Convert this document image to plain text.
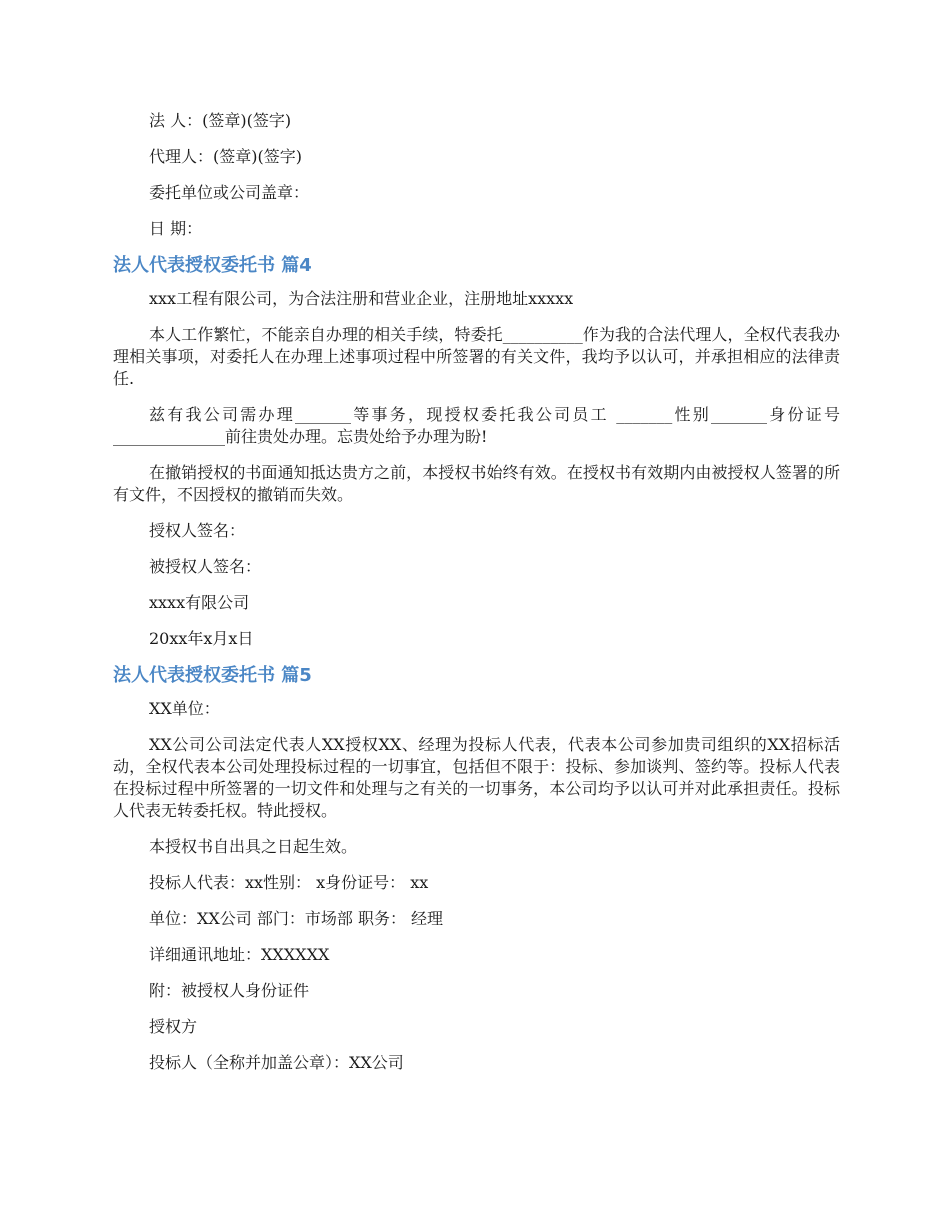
法 人：(签章)(签字)

代理人：(签章)(签字)

委托单位或公司盖章：

日 期：

法人代表授权委托书 篇4

xxx工程有限公司，为合法注册和营业企业，注册地址xxxxx

本人工作繁忙，不能亲自办理的相关手续，特委托__________作为我的合法代理人，全权代表我办理相关事项，对委托人在办理上述事项过程中所签署的有关文件，我均予以认可，并承担相应的法律责任.

兹有我公司需办理_______等事务，现授权委托我公司员工 _______性别_______身份证号______________前往贵处办理。忘贵处给予办理为盼!

在撤销授权的书面通知抵达贵方之前，本授权书始终有效。在授权书有效期内由被授权人签署的所有文件，不因授权的撤销而失效。

授权人签名：

被授权人签名：

xxxx有限公司

20xx年x月x日

法人代表授权委托书 篇5

XX单位：

XX公司公司法定代表人XX授权XX、经理为投标人代表，代表本公司参加贵司组织的XX招标活动，全权代表本公司处理投标过程的一切事宜，包括但不限于：投标、参加谈判、签约等。投标人代表在投标过程中所签署的一切文件和处理与之有关的一切事务，本公司均予以认可并对此承担责任。投标人代表无转委托权。特此授权。

本授权书自出具之日起生效。

投标人代表：xx性别： x身份证号： xx

单位：XX公司 部门：市场部 职务： 经理

详细通讯地址：XXXXXX

附：被授权人身份证件

授权方

投标人（全称并加盖公章）：XX公司
